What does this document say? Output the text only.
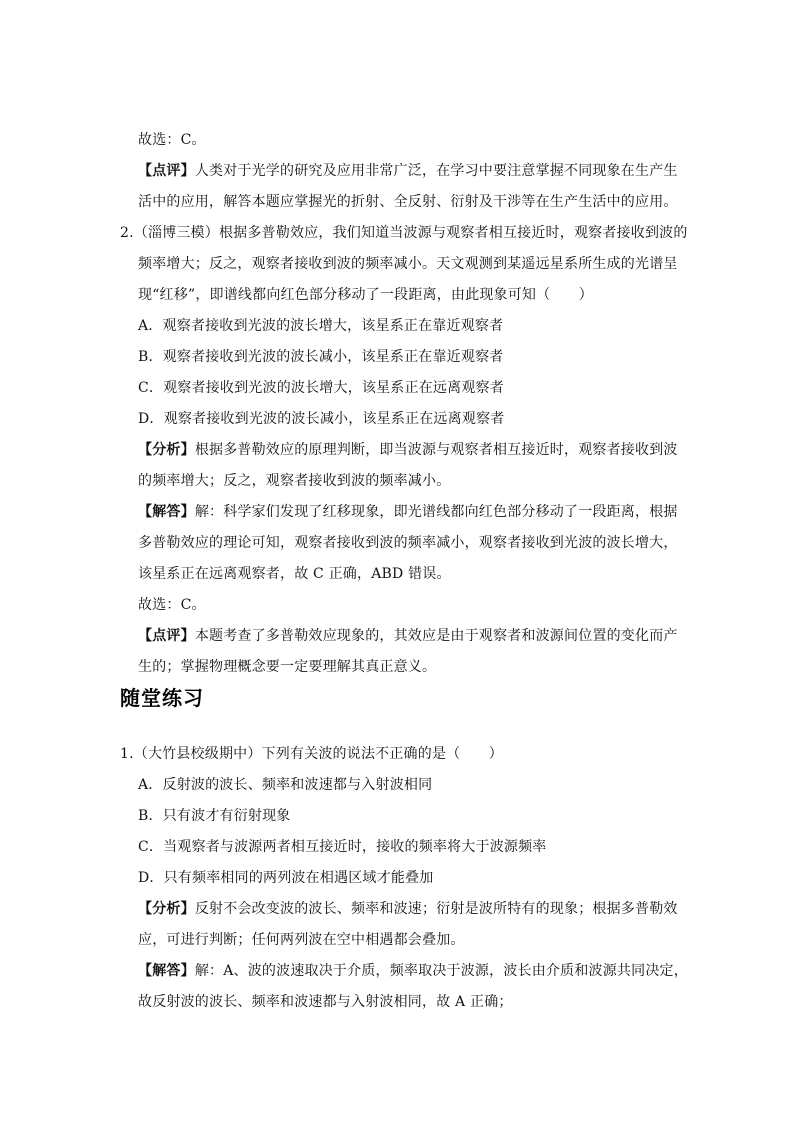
故选：C。
【点评】人类对于光学的研究及应用非常广泛，在学习中要注意掌握不同现象在生产生
活中的应用，解答本题应掌握光的折射、全反射、衍射及干涉等在生产生活中的应用。
2.（淄博三模）根据多普勒效应，我们知道当波源与观察者相互接近时，观察者接收到波的
频率增大；反之，观察者接收到波的频率减小。天文观测到某遥远星系所生成的光谱呈
现“红移”，即谱线都向红色部分移动了一段距离，由此现象可知（　　）
A．观察者接收到光波的波长增大，该星系正在靠近观察者
B．观察者接收到光波的波长减小，该星系正在靠近观察者
C．观察者接收到光波的波长增大，该星系正在远离观察者
D．观察者接收到光波的波长减小，该星系正在远离观察者
【分析】根据多普勒效应的原理判断，即当波源与观察者相互接近时，观察者接收到波
的频率增大；反之，观察者接收到波的频率减小。
【解答】解：科学家们发现了红移现象，即光谱线都向红色部分移动了一段距离，根据
多普勒效应的理论可知，观察者接收到波的频率减小，观察者接收到光波的波长增大，
该星系正在远离观察者，故 C 正确，ABD 错误。
故选：C。
【点评】本题考查了多普勒效应现象的，其效应是由于观察者和波源间位置的变化而产
生的；掌握物理概念要一定要理解其真正意义。
随堂练习
1.（大竹县校级期中）下列有关波的说法不正确的是（　　）
A．反射波的波长、频率和波速都与入射波相同
B．只有波才有衍射现象
C．当观察者与波源两者相互接近时，接收的频率将大于波源频率
D．只有频率相同的两列波在相遇区域才能叠加
【分析】反射不会改变波的波长、频率和波速；衍射是波所特有的现象；根据多普勒效
应，可进行判断；任何两列波在空中相遇都会叠加。
【解答】解：A、波的波速取决于介质，频率取决于波源，波长由介质和波源共同决定，
故反射波的波长、频率和波速都与入射波相同，故 A 正确；
